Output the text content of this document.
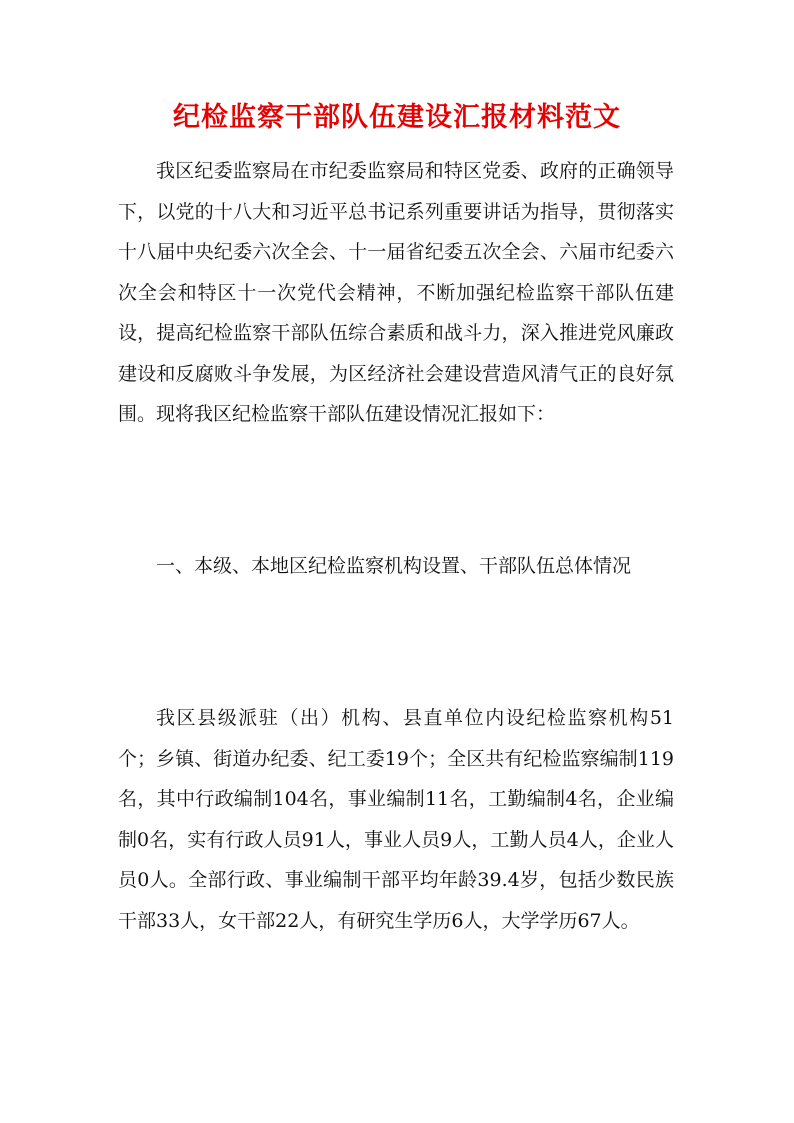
纪检监察干部队伍建设汇报材料范文

我区纪委监察局在市纪委监察局和特区党委、政府的正确领导下，以党的十八大和习近平总书记系列重要讲话为指导，贯彻落实十八届中央纪委六次全会、十一届省纪委五次全会、六届市纪委六次全会和特区十一次党代会精神，不断加强纪检监察干部队伍建设，提高纪检监察干部队伍综合素质和战斗力，深入推进党风廉政建设和反腐败斗争发展，为区经济社会建设营造风清气正的良好氛围。现将我区纪检监察干部队伍建设情况汇报如下：

一、本级、本地区纪检监察机构设置、干部队伍总体情况

我区县级派驻（出）机构、县直单位内设纪检监察机构51个；乡镇、街道办纪委、纪工委19个；全区共有纪检监察编制119名，其中行政编制104名，事业编制11名，工勤编制4名，企业编制0名，实有行政人员91人，事业人员9人，工勤人员4人，企业人员0人。全部行政、事业编制干部平均年龄39.4岁，包括少数民族干部33人，女干部22人，有研究生学历6人，大学学历67人。
